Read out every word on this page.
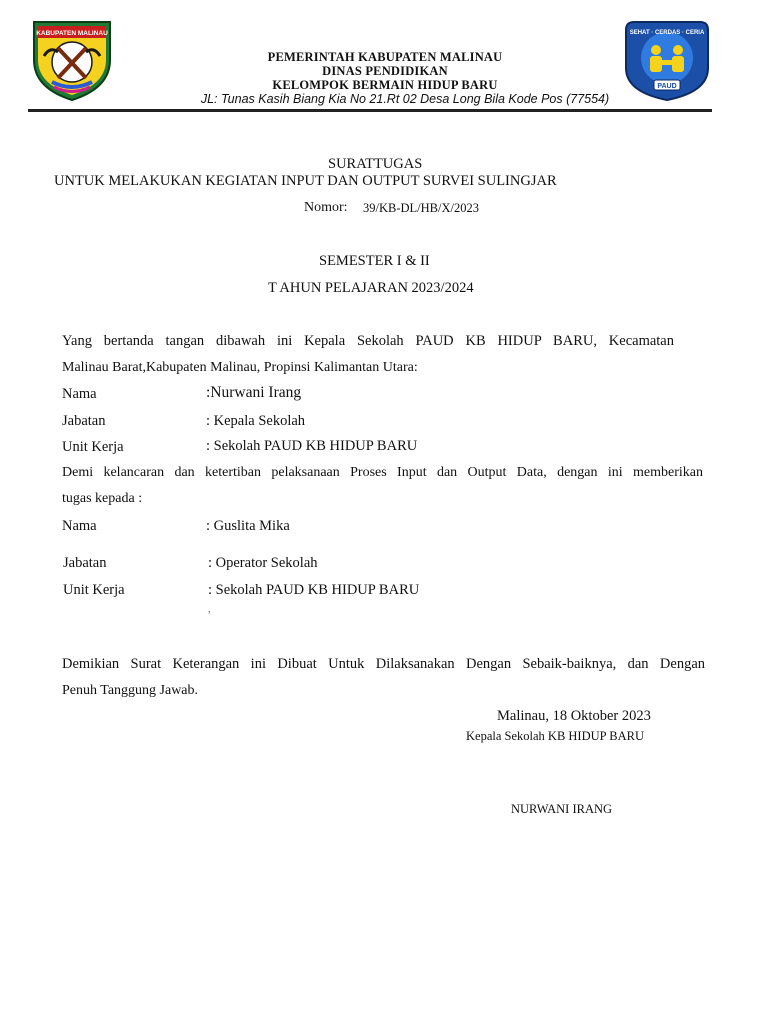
KABUPATEN MALINAU
PEMERINTAH KABUPATEN MALINAU
DINAS PENDIDIKAN
KELOMPOK BERMAIN HIDUP BARU
JL: Tunas Kasih Biang Kia No 21.Rt 02 Desa Long Bila Kode Pos (77554)
SEHAT · CERDAS · CERIA
PAUD
SURATTUGAS
UNTUK MELAKUKAN KEGIATAN INPUT DAN OUTPUT SURVEI SULINGJAR
Nomor: 39/KB-DL/HB/X/2023
SEMESTER I & II
T AHUN PELAJARAN 2023/2024
Yang bertanda tangan dibawah ini Kepala Sekolah PAUD KB HIDUP BARU, Kecamatan
Malinau Barat,Kabupaten Malinau, Propinsi Kalimantan Utara:
Nama	:Nurwani Irang
Jabatan	: Kepala Sekolah
Unit Kerja	: Sekolah PAUD KB HIDUP BARU
Demi kelancaran dan ketertiban pelaksanaan Proses Input dan Output Data, dengan ini memberikan
tugas kepada :
Nama	: Guslita Mika
Jabatan	: Operator Sekolah
Unit Kerja	: Sekolah PAUD KB HIDUP BARU
,
Demikian Surat Keterangan ini Dibuat Untuk Dilaksanakan Dengan Sebaik-baiknya, dan Dengan
Penuh Tanggung Jawab.
Malinau, 18 Oktober 2023
Kepala Sekolah KB HIDUP BARU
NURWANI IRANG
